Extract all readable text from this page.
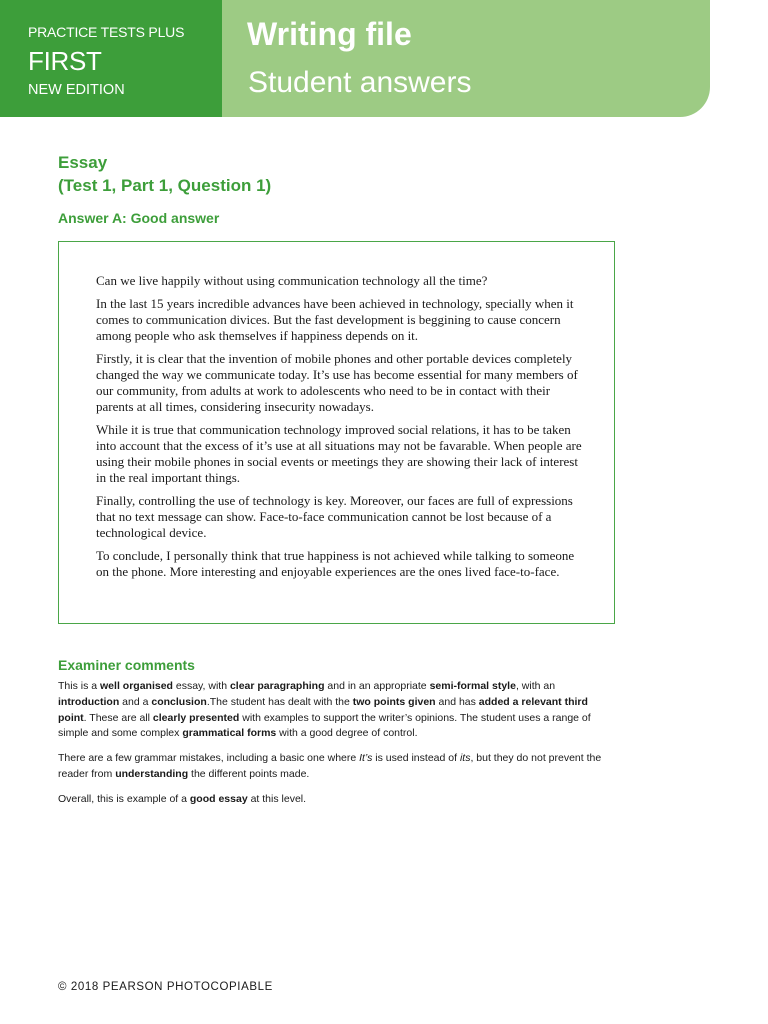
PRACTICE TESTS PLUS
FIRST
NEW EDITION
Writing file
Student answers
Essay
(Test 1, Part 1, Question 1)
Answer A: Good answer

Can we live happily without using communication technology all the time?

In the last 15 years incredible advances have been achieved in technology, specially when it comes to communication divices. But the fast development is beggining to cause concern among people who ask themselves if happiness depends on it.

Firstly, it is clear that the invention of mobile phones and other portable devices completely changed the way we communicate today. It’s use has become essential for many members of our community, from adults at work to adolescents who need to be in contact with their parents at all times, considering insecurity nowadays.

While it is true that communication technology improved social relations, it has to be taken into account that the excess of it’s use at all situations may not be favarable. When people are using their mobile phones in social events or meetings they are showing their lack of interest in the real important things.

Finally, controlling the use of technology is key. Moreover, our faces are full of expressions that no text message can show. Face-to-face communication cannot be lost because of a technological device.

To conclude, I personally think that true happiness is not achieved while talking to someone on the phone. More interesting and enjoyable experiences are the ones lived face-to-face.

Examiner comments

This is a well organised essay, with clear paragraphing and in an appropriate semi-formal style, with an introduction and a conclusion.The student has dealt with the two points given and has added a relevant third point. These are all clearly presented with examples to support the writer’s opinions. The student uses a range of simple and some complex grammatical forms with a good degree of control.

There are a few grammar mistakes, including a basic one where It’s is used instead of its, but they do not prevent the reader from understanding the different points made.

Overall, this is example of a good essay at this level.

© 2018 PEARSON PHOTOCOPIABLE
